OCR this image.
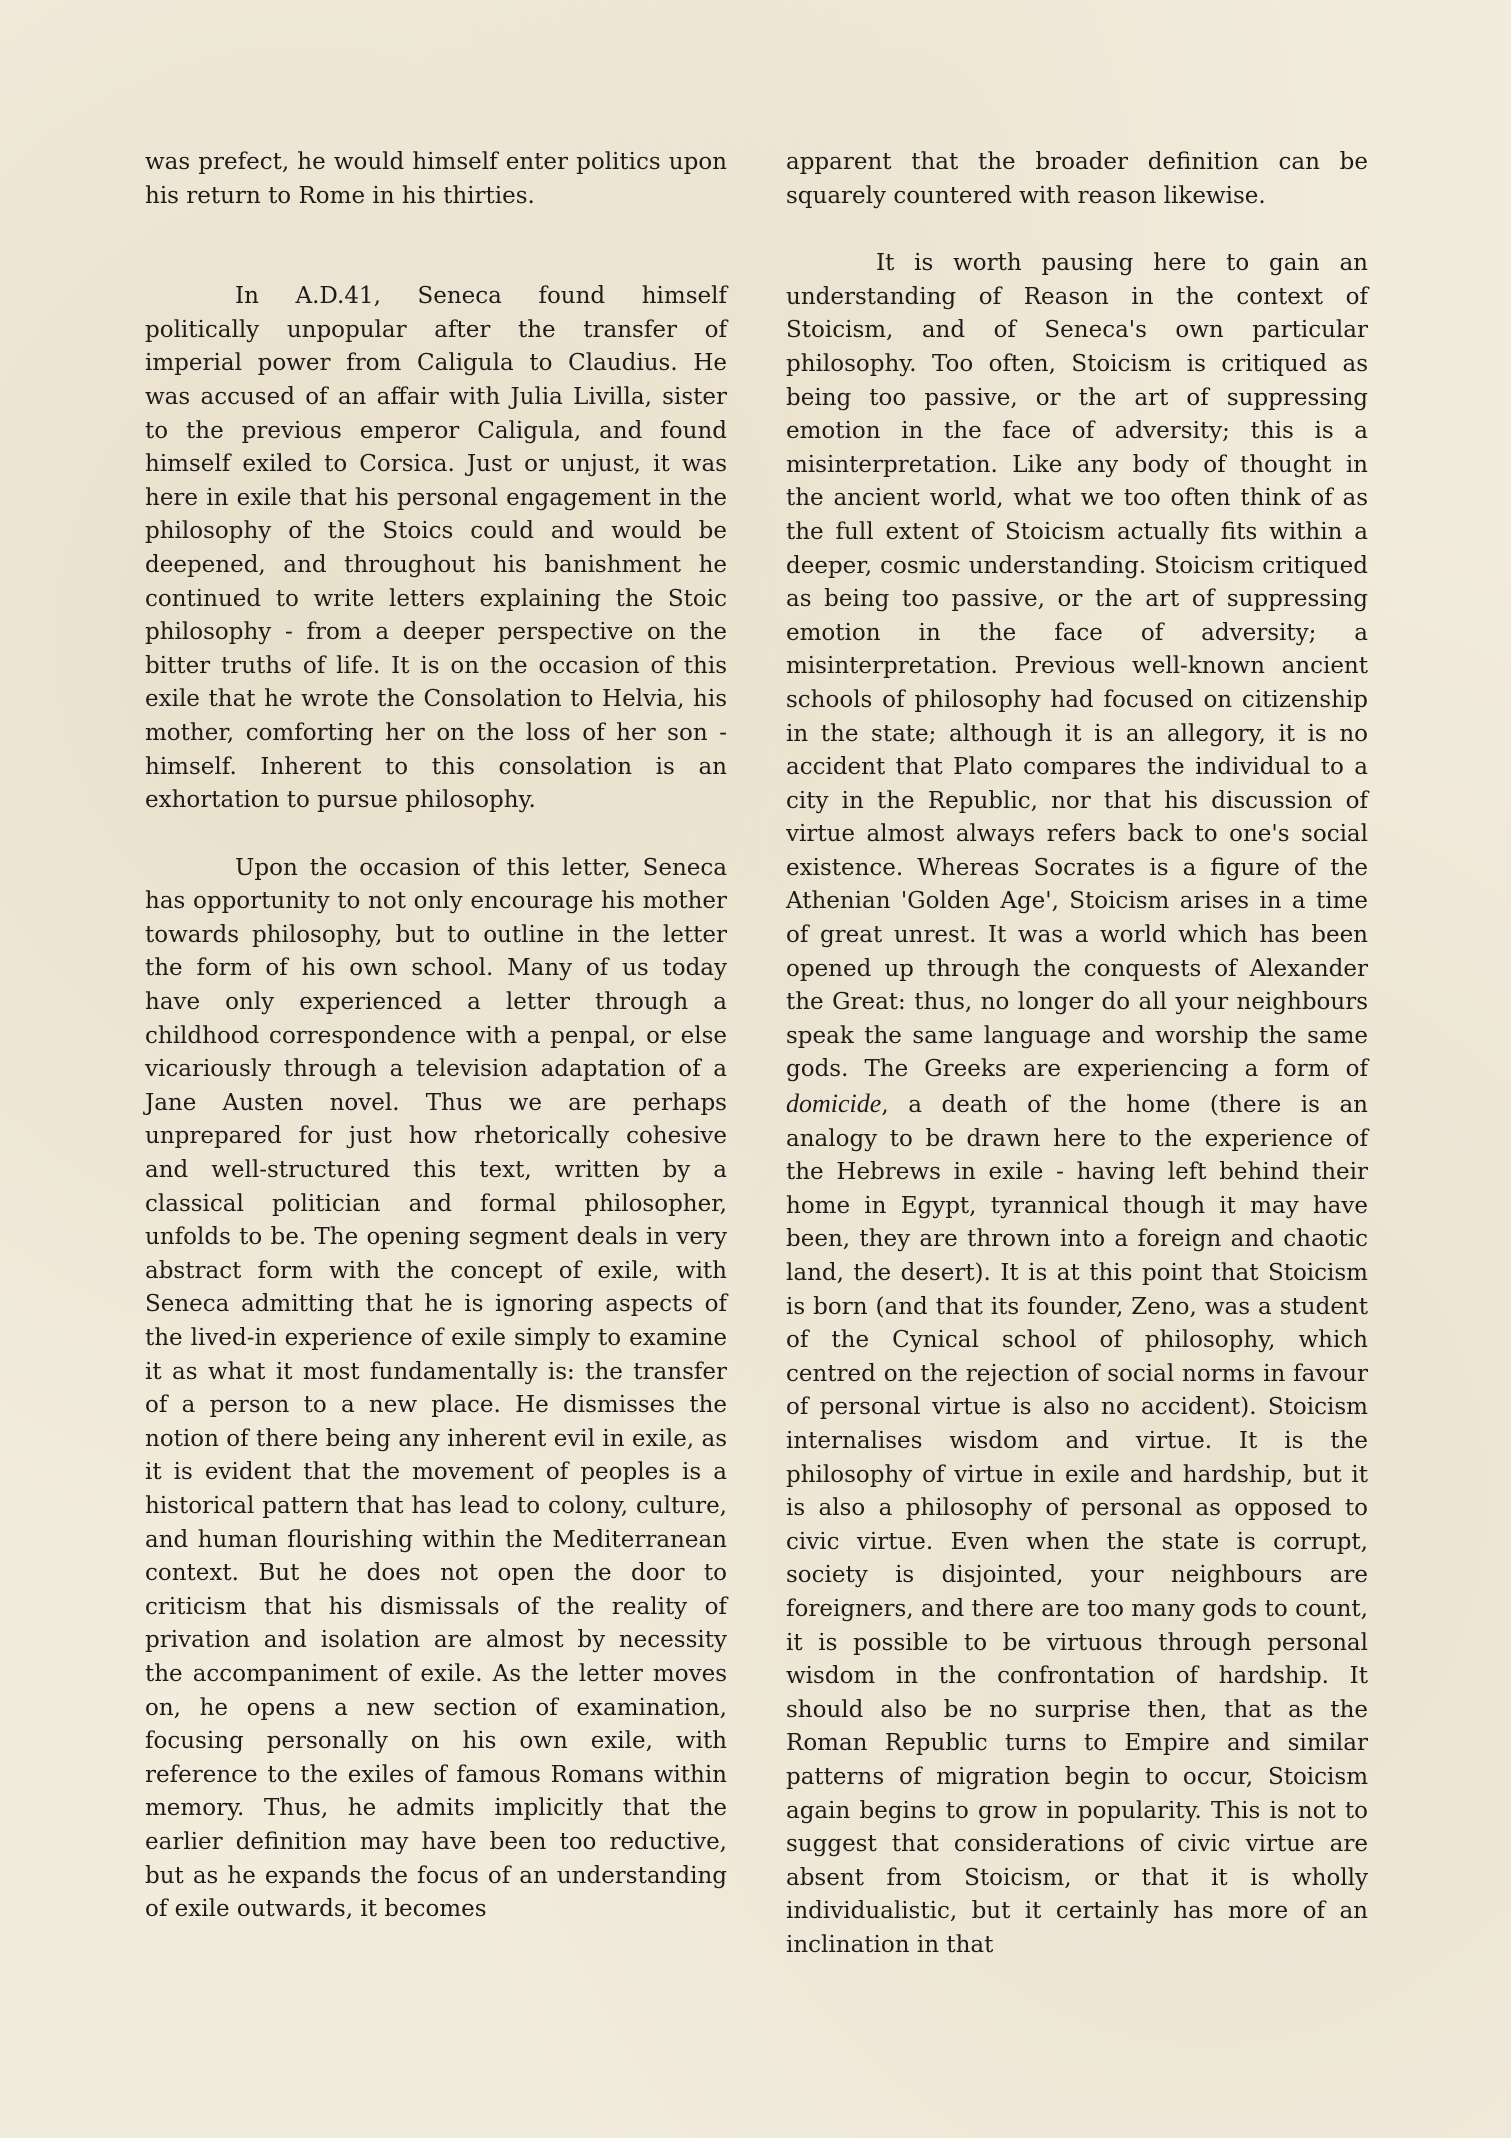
was prefect, he would himself enter politics upon his return to Rome in his thirties.

In A.D.41, Seneca found himself politically unpopular after the transfer of imperial power from Caligula to Claudius. He was accused of an affair with Julia Livilla, sister to the previous emperor Caligula, and found himself exiled to Corsica. Just or unjust, it was here in exile that his personal engagement in the philosophy of the Stoics could and would be deepened, and throughout his banishment he continued to write letters explaining the Stoic philosophy - from a deeper perspective on the bitter truths of life. It is on the occasion of this exile that he wrote the Consolation to Helvia, his mother, comforting her on the loss of her son - himself. Inherent to this consolation is an exhortation to pursue philosophy.

Upon the occasion of this letter, Seneca has opportunity to not only encourage his mother towards philosophy, but to outline in the letter the form of his own school. Many of us today have only experienced a letter through a childhood correspondence with a penpal, or else vicariously through a television adaptation of a Jane Austen novel. Thus we are perhaps unprepared for just how rhetorically cohesive and well-structured this text, written by a classical politician and formal philosopher, unfolds to be. The opening segment deals in very abstract form with the concept of exile, with Seneca admitting that he is ignoring aspects of the lived-in experience of exile simply to examine it as what it most fundamentally is: the transfer of a person to a new place. He dismisses the notion of there being any inherent evil in exile, as it is evident that the movement of peoples is a historical pattern that has lead to colony, culture, and human flourishing within the Mediterranean context. But he does not open the door to criticism that his dismissals of the reality of privation and isolation are almost by necessity the accompaniment of exile. As the letter moves on, he opens a new section of examination, focusing personally on his own exile, with reference to the exiles of famous Romans within memory. Thus, he admits implicitly that the earlier definition may have been too reductive, but as he expands the focus of an understanding of exile outwards, it becomes

apparent that the broader definition can be squarely countered with reason likewise.

It is worth pausing here to gain an understanding of Reason in the context of Stoicism, and of Seneca's own particular philosophy. Too often, Stoicism is critiqued as being too passive, or the art of suppressing emotion in the face of adversity; this is a misinterpretation. Like any body of thought in the ancient world, what we too often think of as the full extent of Stoicism actually fits within a deeper, cosmic understanding. Stoicism critiqued as being too passive, or the art of suppressing emotion in the face of adversity; a misinterpretation. Previous well-known ancient schools of philosophy had focused on citizenship in the state; although it is an allegory, it is no accident that Plato compares the individual to a city in the Republic, nor that his discussion of virtue almost always refers back to one's social existence. Whereas Socrates is a figure of the Athenian 'Golden Age', Stoicism arises in a time of great unrest. It was a world which has been opened up through the conquests of Alexander the Great: thus, no longer do all your neighbours speak the same language and worship the same gods. The Greeks are experiencing a form of domicide, a death of the home (there is an analogy to be drawn here to the experience of the Hebrews in exile - having left behind their home in Egypt, tyrannical though it may have been, they are thrown into a foreign and chaotic land, the desert). It is at this point that Stoicism is born (and that its founder, Zeno, was a student of the Cynical school of philosophy, which centred on the rejection of social norms in favour of personal virtue is also no accident). Stoicism internalises wisdom and virtue. It is the philosophy of virtue in exile and hardship, but it is also a philosophy of personal as opposed to civic virtue. Even when the state is corrupt, society is disjointed, your neighbours are foreigners, and there are too many gods to count, it is possible to be virtuous through personal wisdom in the confrontation of hardship. It should also be no surprise then, that as the Roman Republic turns to Empire and similar patterns of migration begin to occur, Stoicism again begins to grow in popularity. This is not to suggest that considerations of civic virtue are absent from Stoicism, or that it is wholly individualistic, but it certainly has more of an inclination in that
